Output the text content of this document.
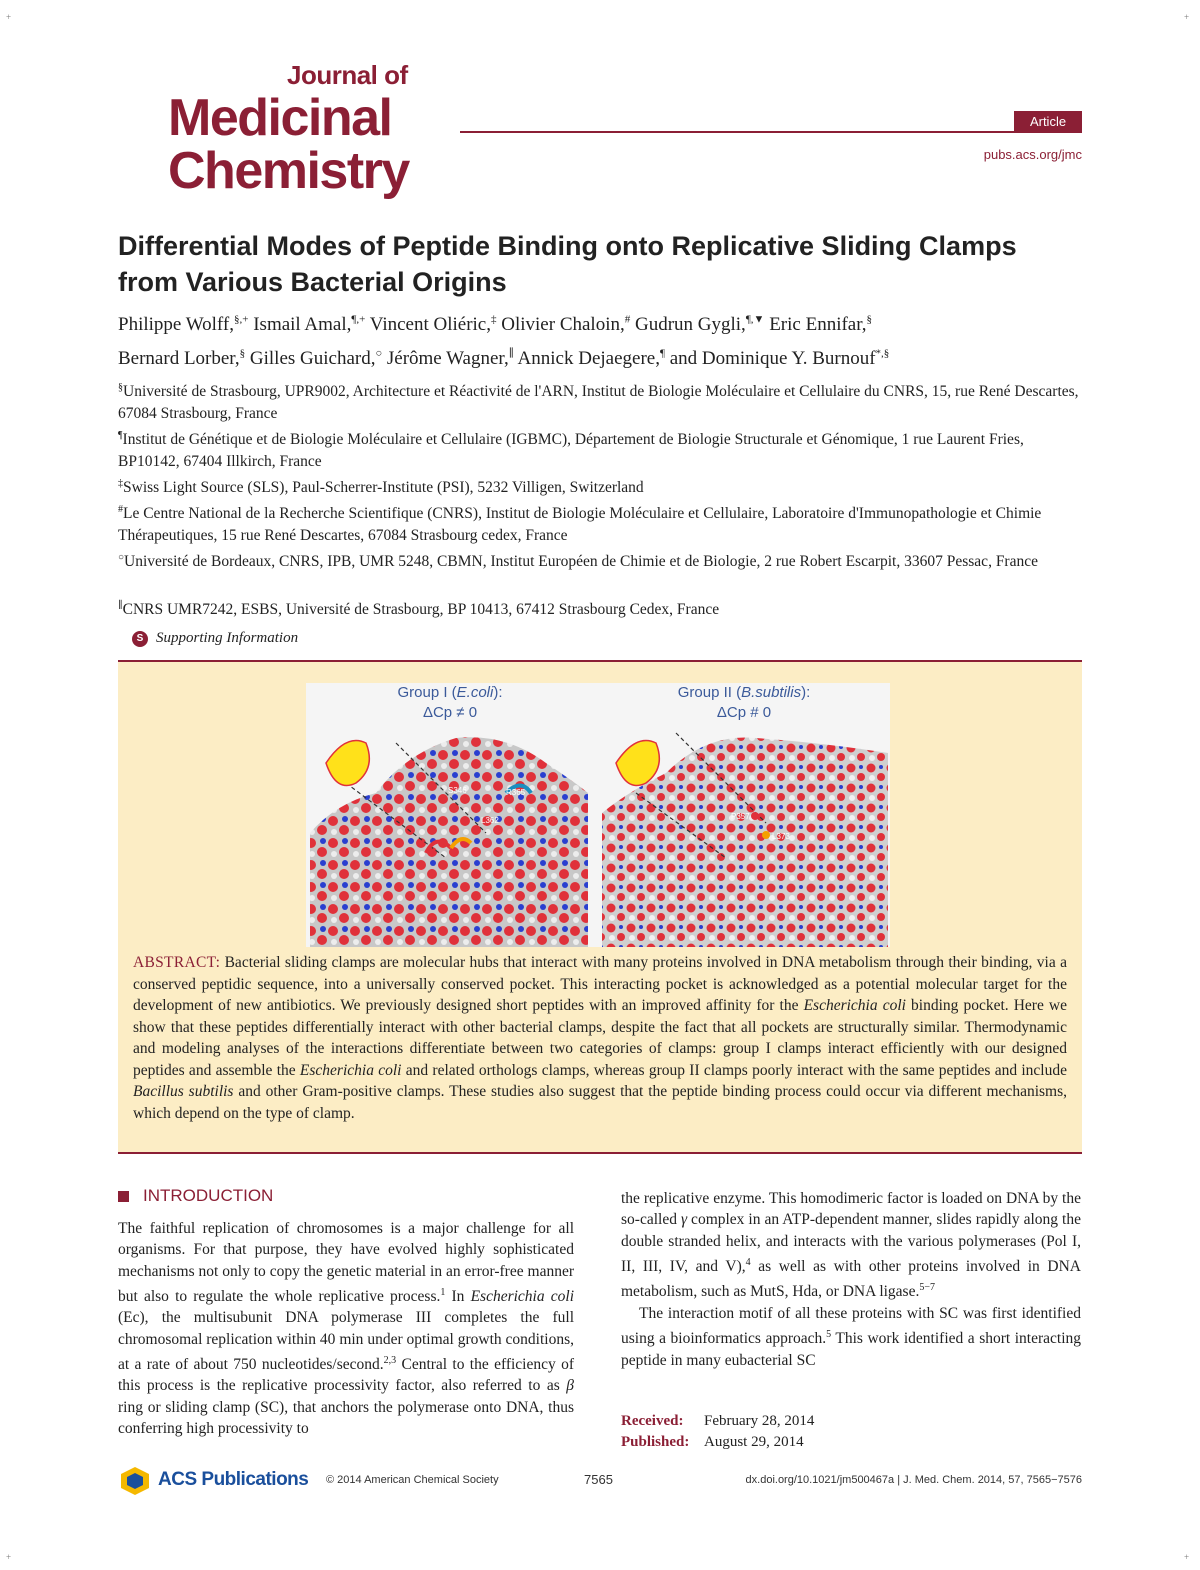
+	+
+	+
Journal of
Medicinal
Chemistry
Article
pubs.acs.org/jmc
Differential Modes of Peptide Binding onto Replicative Sliding Clamps from Various Bacterial Origins
Philippe Wolff,§,+ Ismail Amal,¶,+ Vincent Oliéric,‡ Olivier Chaloin,# Gudrun Gygli,¶,▼ Eric Ennifar,§
Bernard Lorber,§ Gilles Guichard,○ Jérôme Wagner,∥ Annick Dejaegere,¶ and Dominique Y. Burnouf*,§
§Université de Strasbourg, UPR9002, Architecture et Réactivité de l'ARN, Institut de Biologie Moléculaire et Cellulaire du CNRS, 15, rue René Descartes, 67084 Strasbourg, France
¶Institut de Génétique et de Biologie Moléculaire et Cellulaire (IGBMC), Département de Biologie Structurale et Génomique, 1 rue Laurent Fries, BP10142, 67404 Illkirch, France
‡Swiss Light Source (SLS), Paul-Scherrer-Institute (PSI), 5232 Villigen, Switzerland
#Le Centre National de la Recherche Scientifique (CNRS), Institut de Biologie Moléculaire et Cellulaire, Laboratoire d'Immunopathologie et Chimie Thérapeutiques, 15 rue René Descartes, 67084 Strasbourg cedex, France
○Université de Bordeaux, CNRS, IPB, UMR 5248, CBMN, Institut Européen de Chimie et de Biologie, 2 rue Robert Escarpit, 33607 Pessac, France
∥CNRS UMR7242, ESBS, Université de Strasbourg, BP 10413, 67412 Strasbourg Cedex, France
S Supporting Information
Group I (E.coli):
ΔCp ≠ 0
Group II (B.subtilis):
ΔCp # 0
S346
L362
R365
P357
L373
ABSTRACT: Bacterial sliding clamps are molecular hubs that interact with many proteins involved in DNA metabolism through their binding, via a conserved peptidic sequence, into a universally conserved pocket. This interacting pocket is acknowledged as a potential molecular target for the development of new antibiotics. We previously designed short peptides with an improved affinity for the Escherichia coli binding pocket. Here we show that these peptides differentially interact with other bacterial clamps, despite the fact that all pockets are structurally similar. Thermodynamic and modeling analyses of the interactions differentiate between two categories of clamps: group I clamps interact efficiently with our designed peptides and assemble the Escherichia coli and related orthologs clamps, whereas group II clamps poorly interact with the same peptides and include Bacillus subtilis and other Gram-positive clamps. These studies also suggest that the peptide binding process could occur via different mechanisms, which depend on the type of clamp.
INTRODUCTION

The faithful replication of chromosomes is a major challenge for all organisms. For that purpose, they have evolved highly sophisticated mechanisms not only to copy the genetic material in an error-free manner but also to regulate the whole replicative process.$^1$ In Escherichia coli (Ec), the multisubunit DNA polymerase III completes the full chromosomal replication within 40 min under optimal growth conditions, at a rate of about 750 nucleotides/second.$^{2,3}$ Central to the efficiency of this process is the replicative processivity factor, also referred to as β ring or sliding clamp (SC), that anchors the polymerase onto DNA, thus conferring high processivity to

the replicative enzyme. This homodimeric factor is loaded on DNA by the so-called γ complex in an ATP-dependent manner, slides rapidly along the double stranded helix, and interacts with the various polymerases (Pol I, II, III, IV, and V),$^4$ as well as with other proteins involved in DNA metabolism, such as MutS, Hda, or DNA ligase.$^{5-7}$

The interaction motif of all these proteins with SC was first identified using a bioinformatics approach.$^5$ This work identified a short interacting peptide in many eubacterial SC

Received: February 28, 2014
Published: August 29, 2014
ACS Publications © 2014 American Chemical Society	7565	dx.doi.org/10.1021/jm500467a | J. Med. Chem. 2014, 57, 7565−7576
